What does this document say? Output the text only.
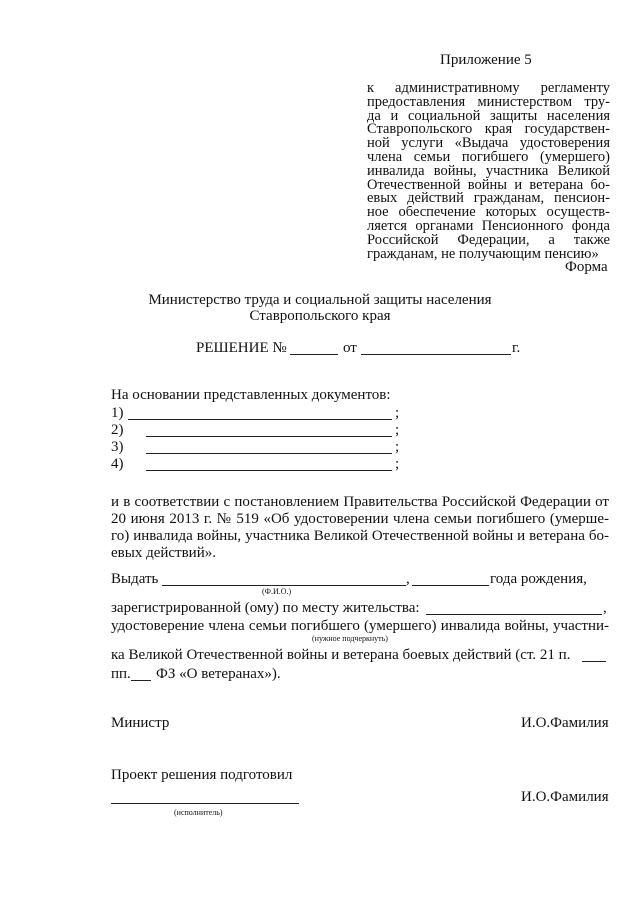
Приложение 5
к административному регламенту
предоставления министерством тру-
да и социальной защиты населения
Ставропольского края государствен-
ной услуги «Выдача удостоверения
члена семьи погибшего (умершего)
инвалида войны, участника Великой
Отечественной войны и ветерана бо-
евых действий гражданам, пенсион-
ное обеспечение которых осуществ-
ляется органами Пенсионного фонда
Российской Федерации, а также
гражданам, не получающим пенсию»
Форма
Министерство труда и социальной защиты населения
Ставропольского края
РЕШЕНИЕ №	от	г.
На основании представленных документов:
1)	;
2)	;
3)	;
4)	;
и в соответствии с постановлением Правительства Российской Федерации от
20 июня 2013 г. № 519 «Об удостоверении члена семьи погибшего (умерше-
го) инвалида войны, участника Великой Отечественной войны и ветерана бо-
евых действий».
Выдать	,	года рождения,
(Ф.И.О.)
зарегистрированной (ому) по месту жительства:	,
удостоверение члена семьи погибшего (умершего) инвалида войны, участни-
(нужное подчеркнуть)
ка Великой Отечественной войны и ветерана боевых действий (ст. 21 п.
пп. ФЗ «О ветеранах»).
Министр	И.О.Фамилия
Проект решения подготовил
И.О.Фамилия
(исполнитель)
